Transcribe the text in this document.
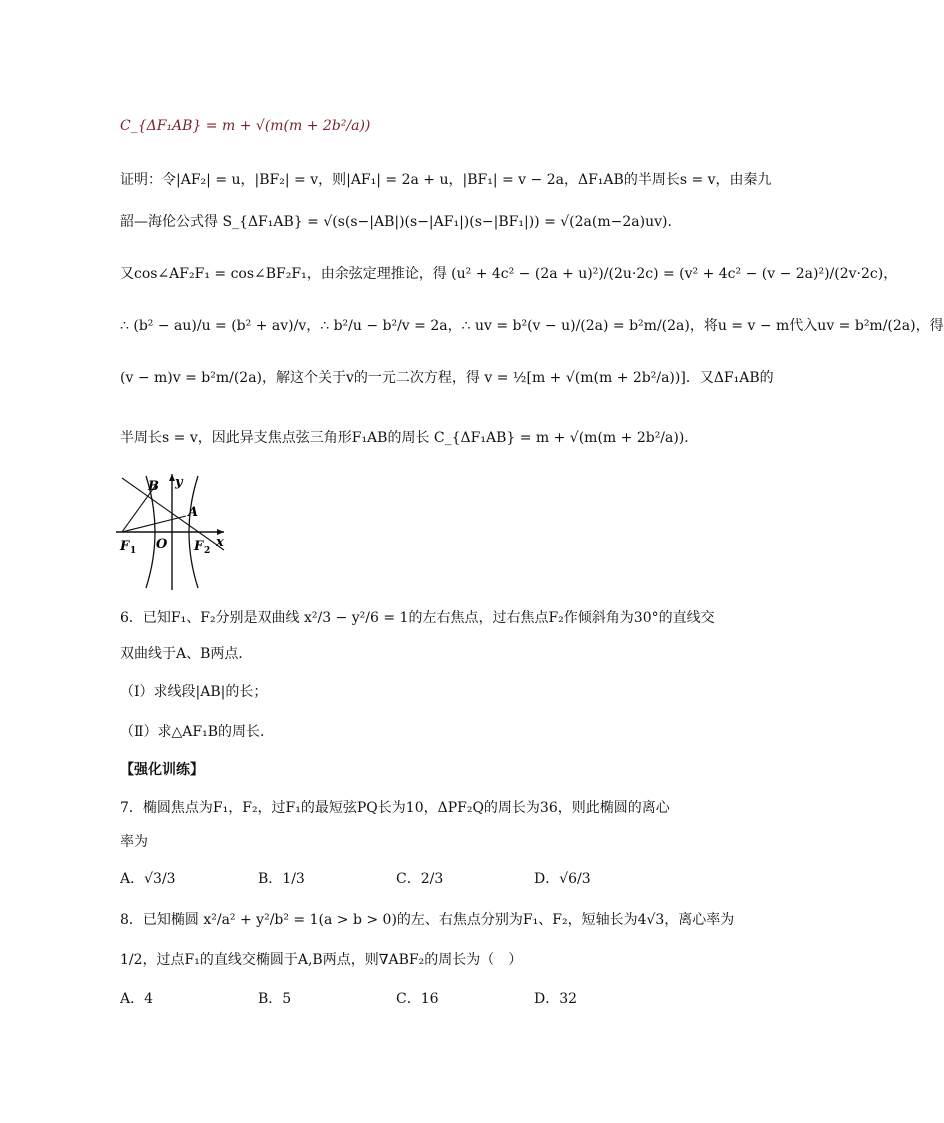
C_{ΔF₁AB} = m + √(m(m + 2b²/a))
证明：令|AF₂| = u，|BF₂| = v，则|AF₁| = 2a + u，|BF₁| = v − 2a，ΔF₁AB的半周长s = v，由秦九
韶—海伦公式得 S_{ΔF₁AB} = √(s(s−|AB|)(s−|AF₁|)(s−|BF₁|)) = √(2a(m−2a)uv)．
又cos∠AF₂F₁ = cos∠BF₂F₁，由余弦定理推论，得 (u² + 4c² − (2a + u)²)/(2u·2c) = (v² + 4c² − (v − 2a)²)/(2v·2c)，
∴ (b² − au)/u = (b² + av)/v，∴ b²/u − b²/v = 2a，∴ uv = b²(v − u)/(2a) = b²m/(2a)，将u = v − m代入uv = b²m/(2a)，得
(v − m)v = b²m/(2a)，解这个关于v的一元二次方程，得 v = ½[m + √(m(m + 2b²/a))]．又ΔF₁AB的
半周长s = v，因此异支焦点弦三角形F₁AB的周长 C_{ΔF₁AB} = m + √(m(m + 2b²/a))．
B y
A
F 1 O F 2
x
6．已知F₁、F₂分别是双曲线 x²/3 − y²/6 = 1的左右焦点，过右焦点F₂作倾斜角为30°的直线交
双曲线于A、B两点．
（Ⅰ）求线段|AB|的长；
（Ⅱ）求△AF₁B的周长．
【强化训练】
7．椭圆焦点为F₁，F₂，过F₁的最短弦PQ长为10，ΔPF₂Q的周长为36，则此椭圆的离心
率为
A．√3/3	B．1/3	C．2/3	D．√6/3
8．已知椭圆 x²/a² + y²/b² = 1(a > b > 0)的左、右焦点分别为F₁、F₂，短轴长为4√3，离心率为
1/2，过点F₁的直线交椭圆于A,B两点，则∇ABF₂的周长为（　）
A．4	B．5	C．16	D．32
